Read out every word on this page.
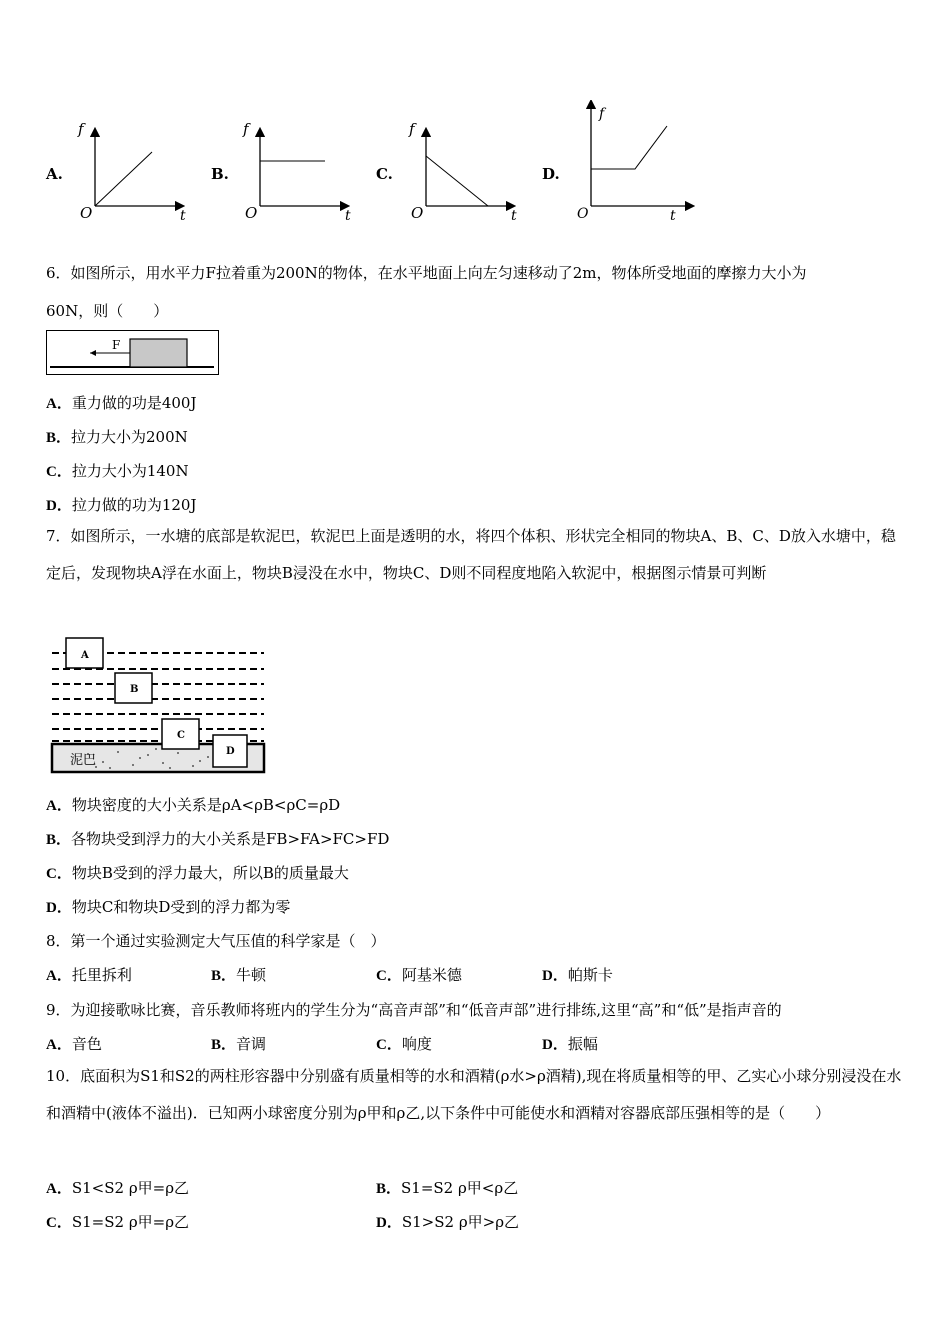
A.	B.	C.	D.
f
O	t
f
O	t
f
O	t
f
O	t
6．如图所示，用水平力F拉着重为200N的物体，在水平地面上向左匀速移动了2m，物体所受地面的摩擦力大小为
60N，则（　　）
F
A．重力做的功是400J
B．拉力大小为200N
C．拉力大小为140N
D．拉力做的功为120J
7．如图所示，一水塘的底部是软泥巴，软泥巴上面是透明的水，将四个体积、形状完全相同的物块A、B、C、D放入水塘中，稳定后，发现物块A浮在水面上，物块B浸没在水中，物块C、D则不同程度地陷入软泥中，根据图示情景可判断
泥巴
A
B
C
D
A．物块密度的大小关系是ρA<ρB<ρC=ρD
B．各物块受到浮力的大小关系是FB>FA>FC>FD
C．物块B受到的浮力最大，所以B的质量最大
D．物块C和物块D受到的浮力都为零
8．第一个通过实验测定大气压值的科学家是（　）
A．托里拆利	B．牛顿	C．阿基米德	D．帕斯卡
9．为迎接歌咏比赛，音乐教师将班内的学生分为“高音声部”和“低音声部”进行排练,这里“高”和“低”是指声音的
A．音色	B．音调	C．响度	D．振幅
10．底面积为S1和S2的两柱形容器中分别盛有质量相等的水和酒精(ρ水>ρ酒精),现在将质量相等的甲、乙实心小球分别浸没在水和酒精中(液体不溢出)．已知两小球密度分别为ρ甲和ρ乙,以下条件中可能使水和酒精对容器底部压强相等的是（　　）
A．S1<S2 ρ甲=ρ乙	B．S1=S2 ρ甲<ρ乙
C．S1=S2 ρ甲=ρ乙	D．S1>S2 ρ甲>ρ乙
